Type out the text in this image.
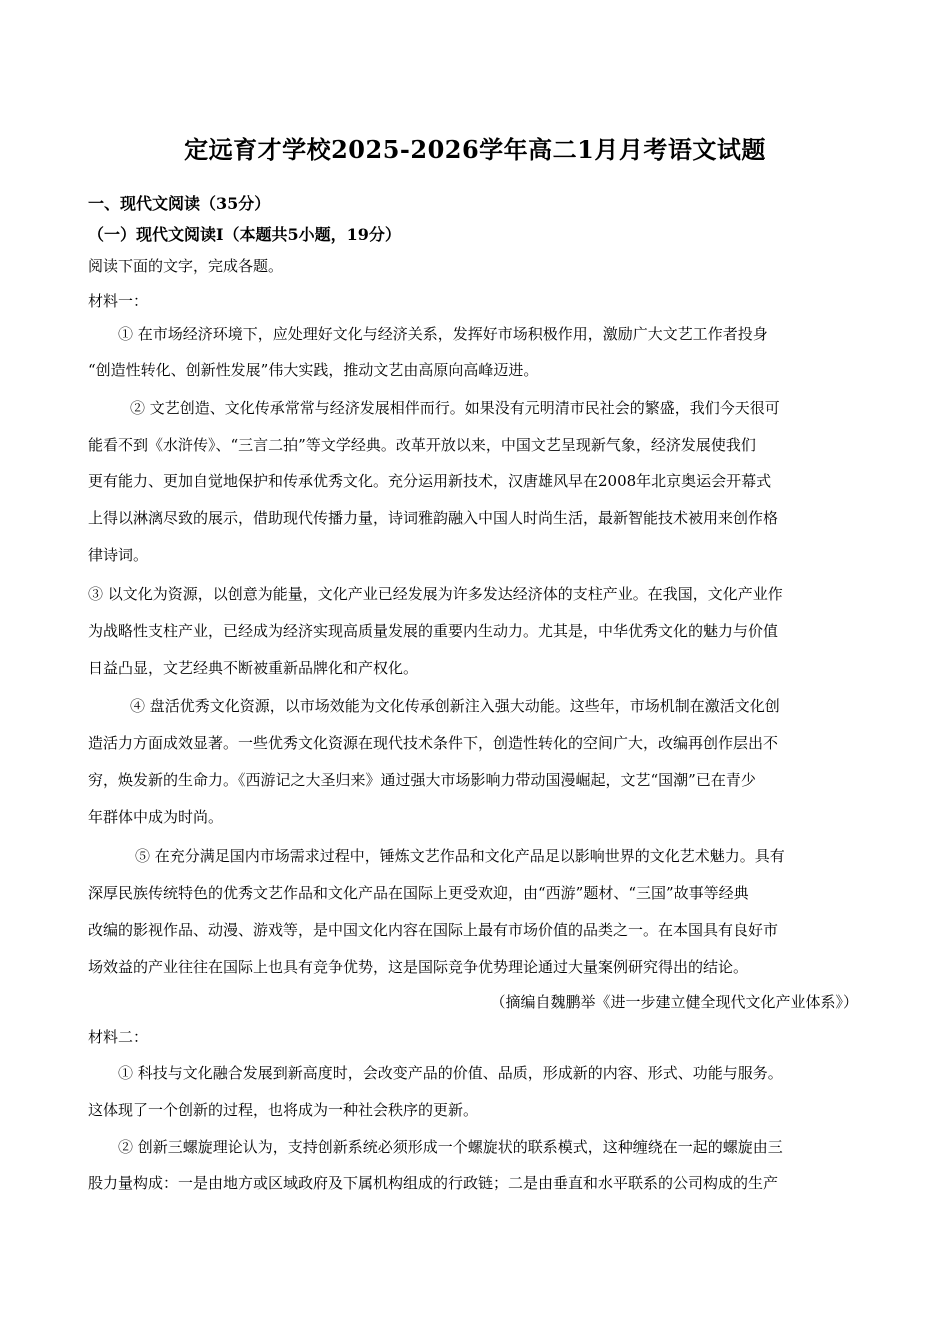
定远育才学校2025-2026学年高二1月月考语文试题
一、现代文阅读（35分）
（一）现代文阅读Ⅰ（本题共5小题，19分）
阅读下面的文字，完成各题。
材料一：
① 在市场经济环境下，应处理好文化与经济关系，发挥好市场积极作用，激励广大文艺工作者投身
“创造性转化、创新性发展”伟大实践，推动文艺由高原向高峰迈进。
② 文艺创造、文化传承常常与经济发展相伴而行。如果没有元明清市民社会的繁盛，我们今天很可
能看不到《水浒传》、“三言二拍”等文学经典。改革开放以来，中国文艺呈现新气象，经济发展使我们
更有能力、更加自觉地保护和传承优秀文化。充分运用新技术，汉唐雄风早在2008年北京奥运会开幕式
上得以淋漓尽致的展示，借助现代传播力量，诗词雅韵融入中国人时尚生活，最新智能技术被用来创作格
律诗词。
③ 以文化为资源，以创意为能量，文化产业已经发展为许多发达经济体的支柱产业。在我国，文化产业作
为战略性支柱产业，已经成为经济实现高质量发展的重要内生动力。尤其是，中华优秀文化的魅力与价值
日益凸显，文艺经典不断被重新品牌化和产权化。
④ 盘活优秀文化资源，以市场效能为文化传承创新注入强大动能。这些年，市场机制在激活文化创
造活力方面成效显著。一些优秀文化资源在现代技术条件下，创造性转化的空间广大，改编再创作层出不
穷，焕发新的生命力。《西游记之大圣归来》通过强大市场影响力带动国漫崛起，文艺“国潮”已在青少
年群体中成为时尚。
⑤ 在充分满足国内市场需求过程中，锤炼文艺作品和文化产品足以影响世界的文化艺术魅力。具有
深厚民族传统特色的优秀文艺作品和文化产品在国际上更受欢迎，由“西游”题材、“三国”故事等经典
改编的影视作品、动漫、游戏等，是中国文化内容在国际上最有市场价值的品类之一。在本国具有良好市
场效益的产业往往在国际上也具有竞争优势，这是国际竞争优势理论通过大量案例研究得出的结论。
（摘编自魏鹏举《进一步建立健全现代文化产业体系》）
材料二：
① 科技与文化融合发展到新高度时，会改变产品的价值、品质，形成新的内容、形式、功能与服务。
这体现了一个创新的过程，也将成为一种社会秩序的更新。
② 创新三螺旋理论认为，支持创新系统必须形成一个螺旋状的联系模式，这种缠绕在一起的螺旋由三
股力量构成：一是由地方或区域政府及下属机构组成的行政链；二是由垂直和水平联系的公司构成的生产
